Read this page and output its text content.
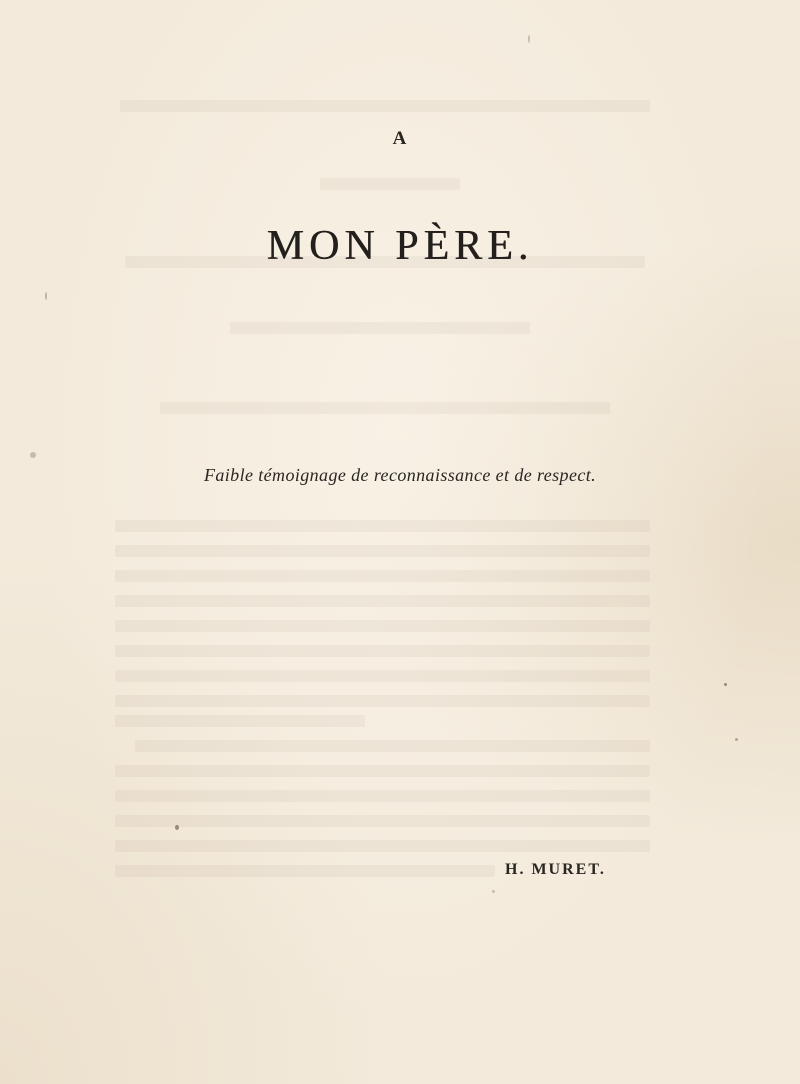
A
MON PÈRE.
Faible témoignage de reconnaissance et de respect.
H. MURET.
